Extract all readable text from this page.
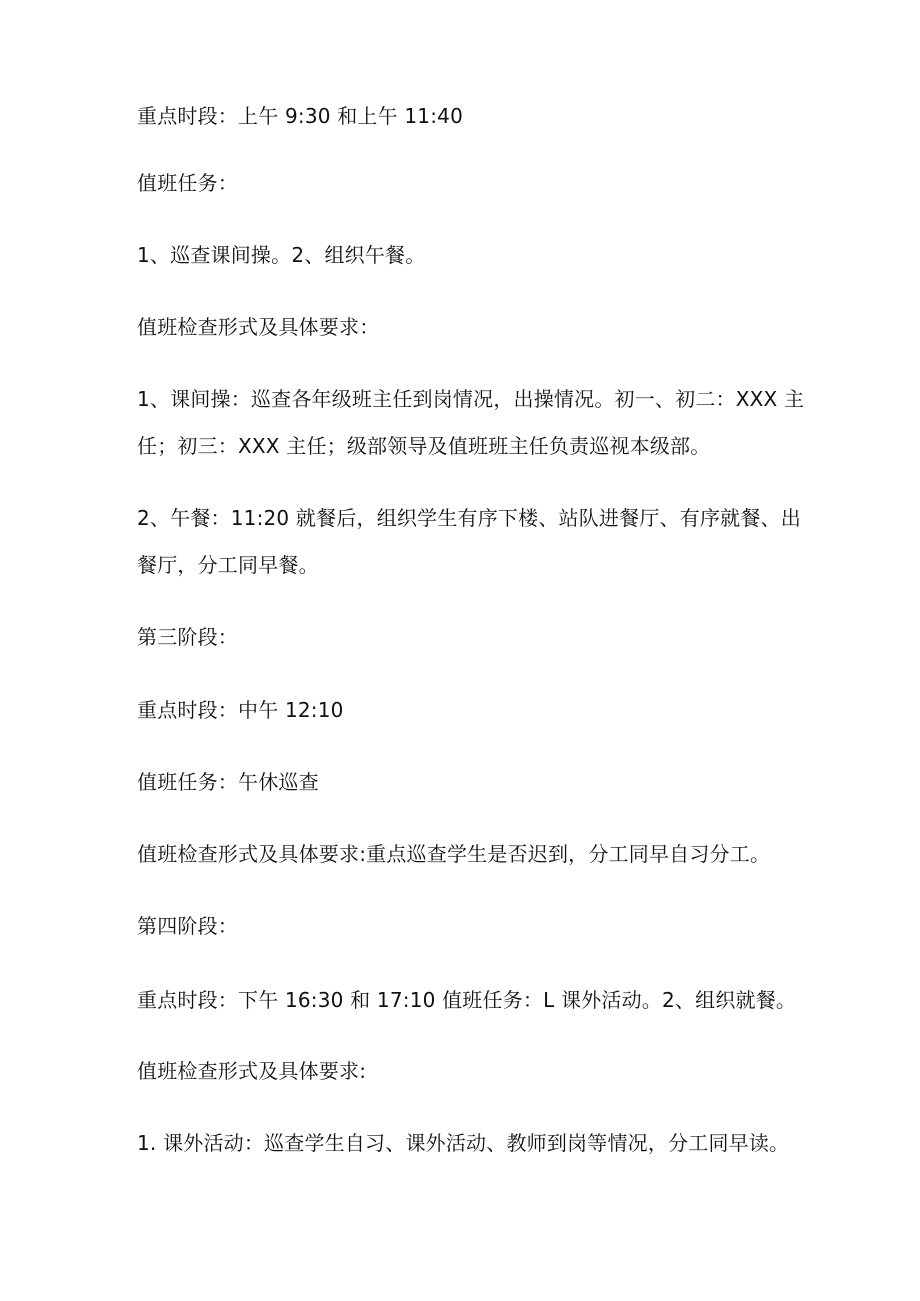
重点时段：上午 9:30 和上午 11:40
值班任务：
1、巡查课间操。2、组织午餐。
值班检查形式及具体要求：
1、课间操：巡查各年级班主任到岗情况，出操情况。初一、初二：XXX 主
任；初三：XXX 主任；级部领导及值班班主任负责巡视本级部。
2、午餐：11:20 就餐后，组织学生有序下楼、站队进餐厅、有序就餐、出
餐厅，分工同早餐。
第三阶段：
重点时段：中午 12:10
值班任务：午休巡查
值班检查形式及具体要求:重点巡查学生是否迟到，分工同早自习分工。
第四阶段：
重点时段：下午 16:30 和 17:10 值班任务：L 课外活动。2、组织就餐。
值班检查形式及具体要求:
1. 课外活动：巡查学生自习、课外活动、教师到岗等情况，分工同早读。
